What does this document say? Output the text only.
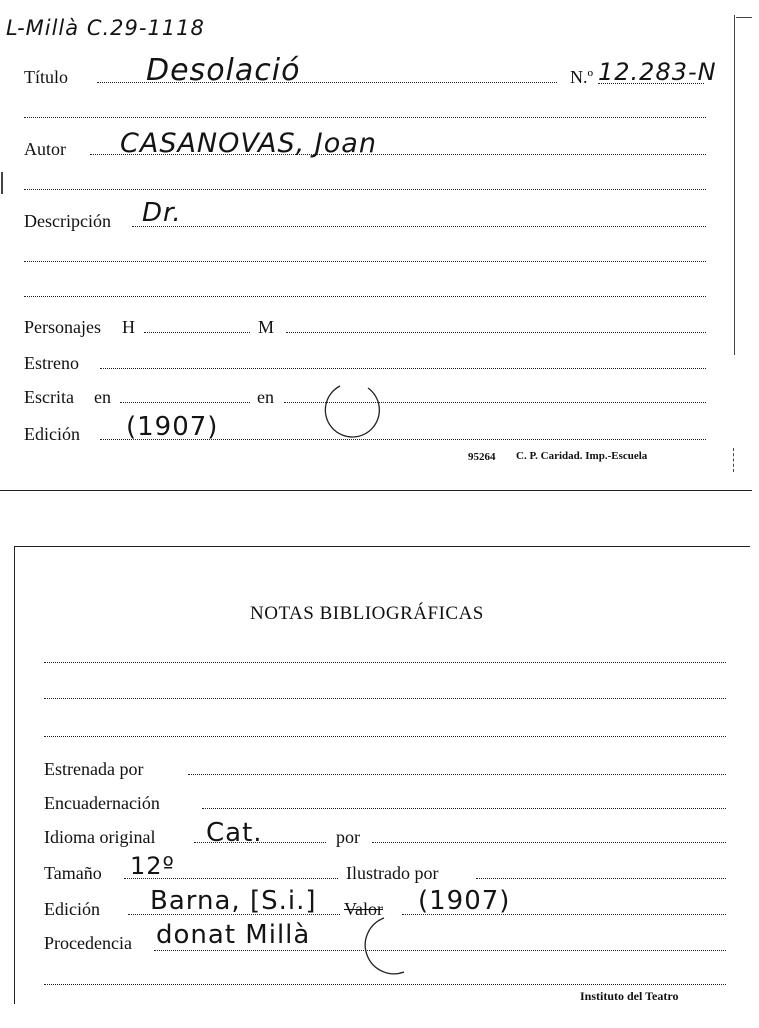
L-Millà C.29-1118
Título	Desolació	N.º 12.283-N
Autor CASANOVAS, Joan
Descripción Dr.
Personajes H	M
Estreno
Escrita en	en
Edición (1907)
95264 C. P. Caridad. Imp.-Escuela
NOTAS BIBLIOGRÁFICAS
Estrenada por
Encuadernación
Idioma original Cat.	por
Tamaño 12º	Ilustrado por
Edición Barna, [S.i.] Valor (1907)
Procedencia donat Millà
Instituto del Teatro
